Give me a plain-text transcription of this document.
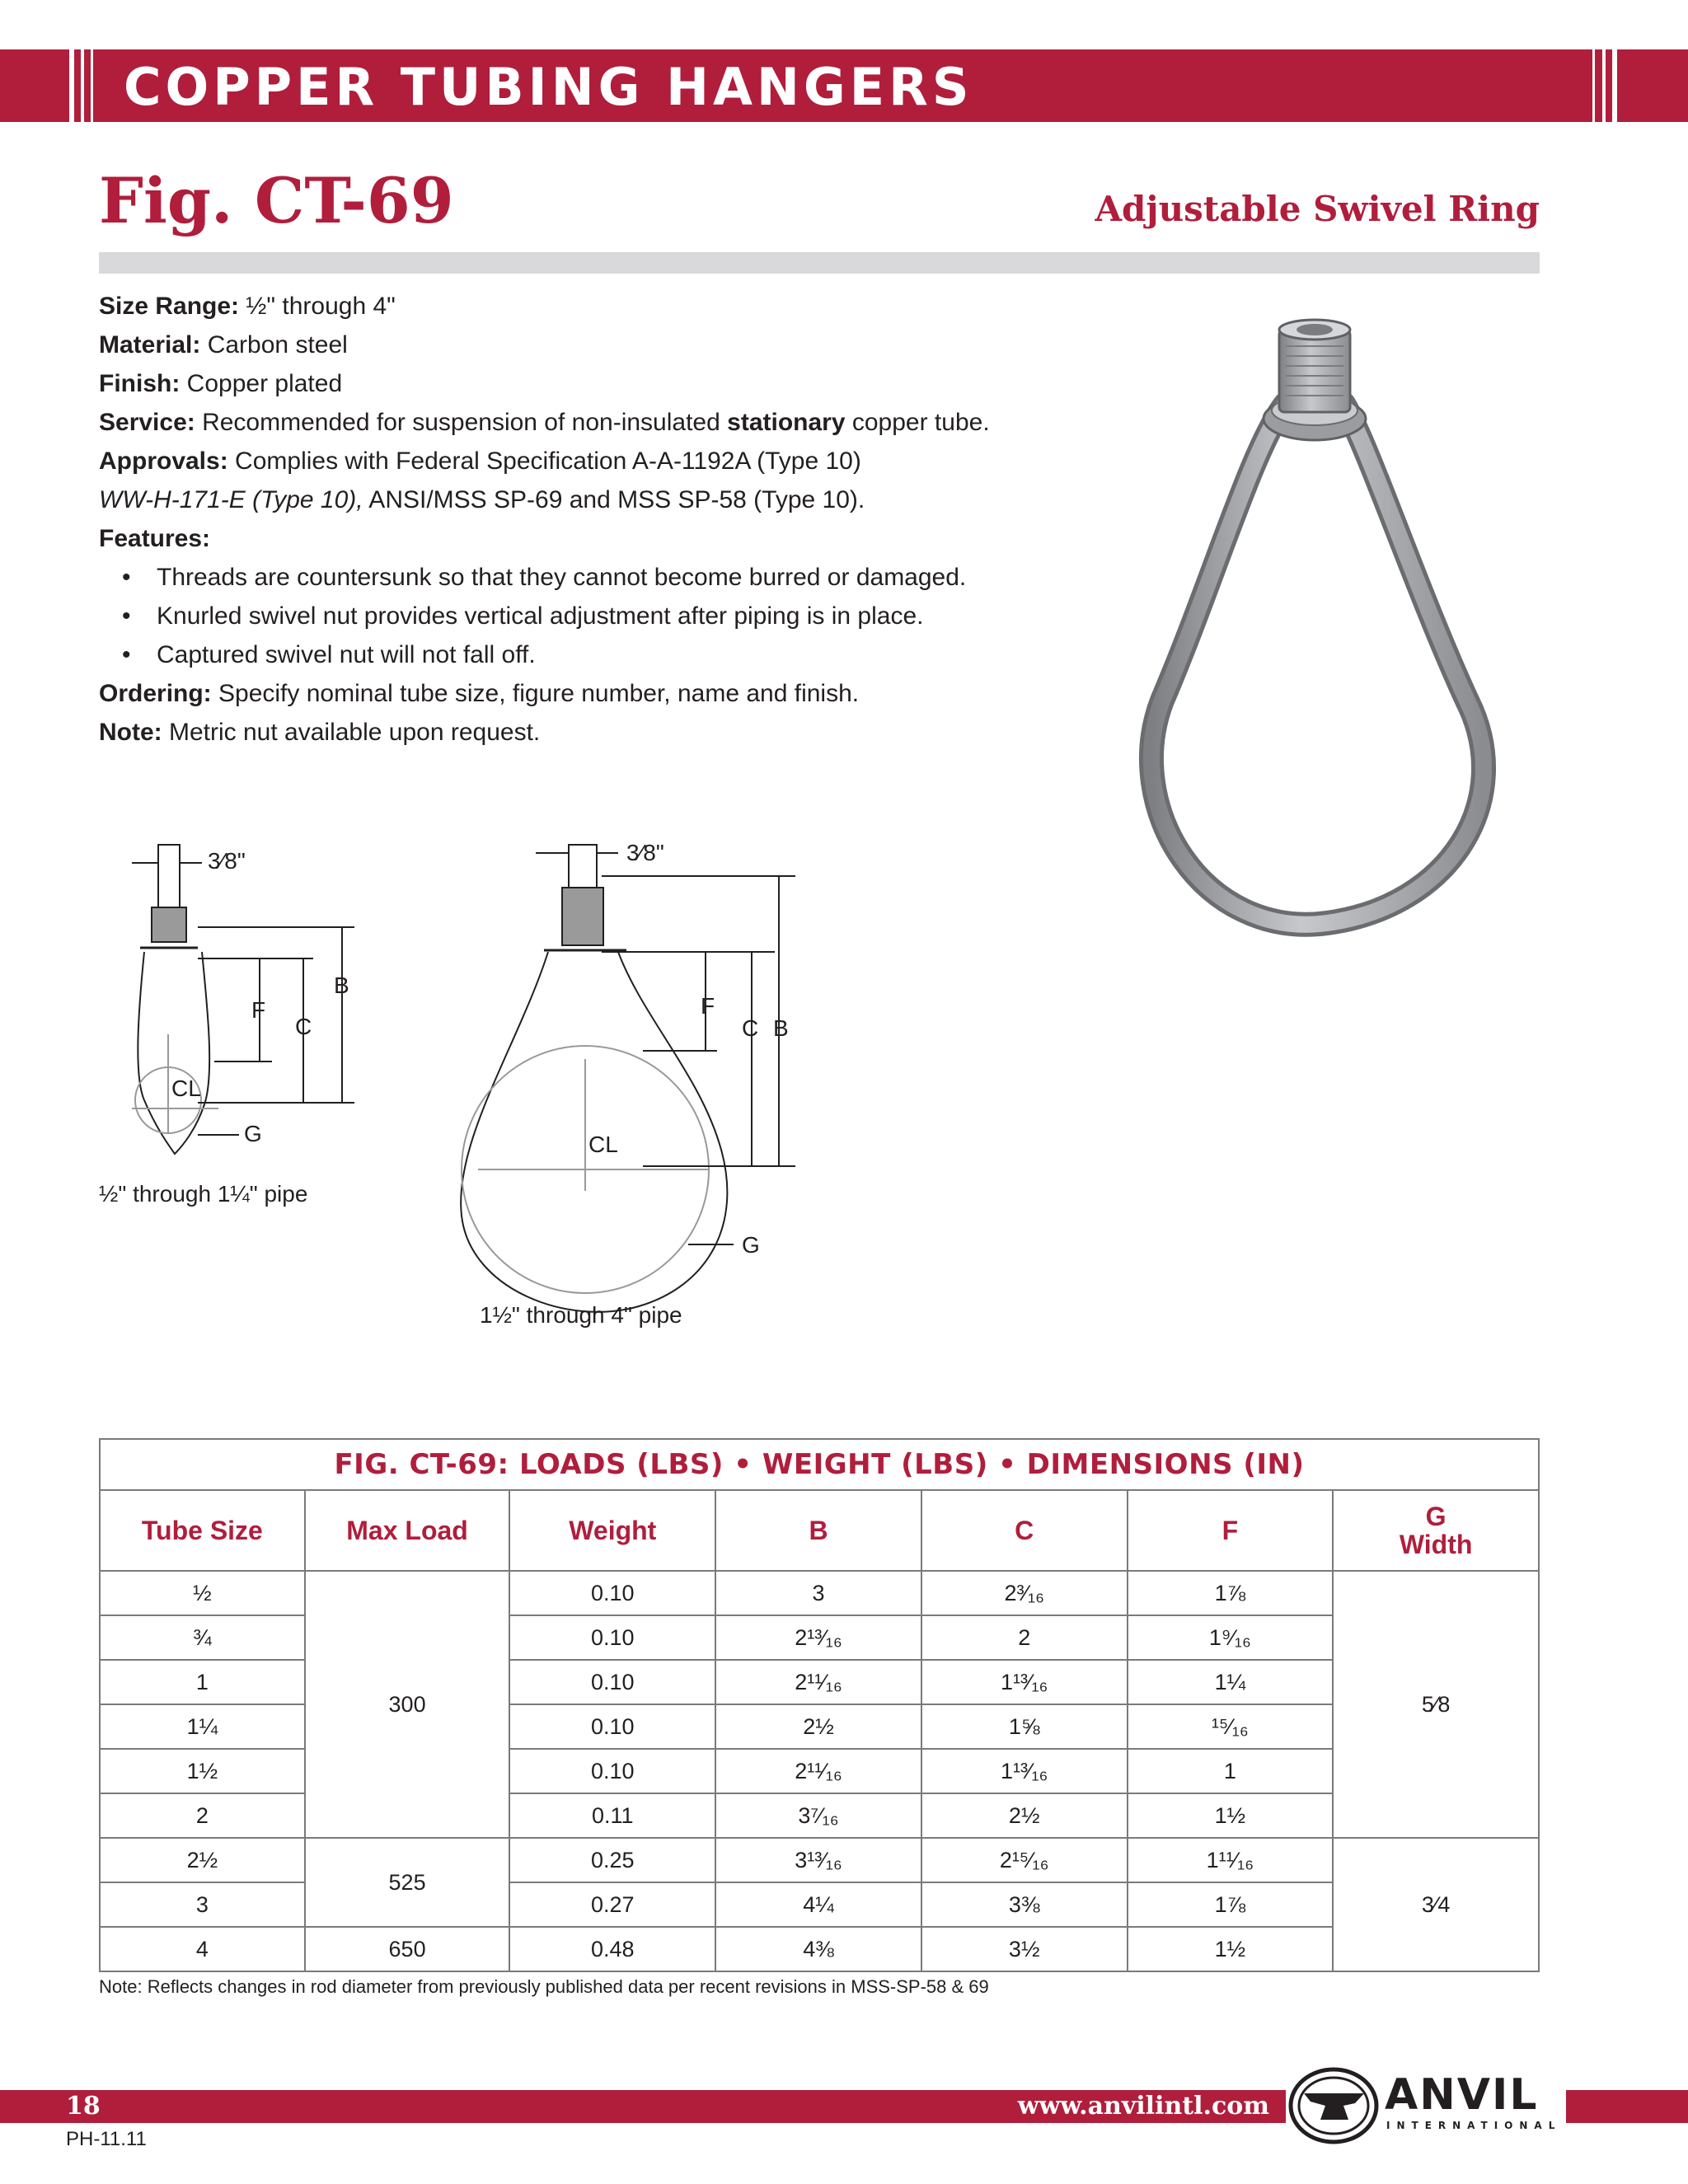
COPPER TUBING HANGERS
Fig. CT-69	Adjustable Swivel Ring
Size Range: ½" through 4"
Material: Carbon steel
Finish: Copper plated
Service: Recommended for suspension of non-insulated stationary copper tube.
Approvals: Complies with Federal Specification A-A-1192A (Type 10)
WW-H-171-E (Type 10), ANSI/MSS SP-69 and MSS SP-58 (Type 10).
Features:
• Threads are countersunk so that they cannot become burred or damaged.
• Knurled swivel nut provides vertical adjustment after piping is in place.
• Captured swivel nut will not fall off.
Ordering: Specify nominal tube size, figure number, name and finish.
Note: Metric nut available upon request.
3⁄8"
B
C
F
G
CL
½" through 1¼" pipe
3⁄8"
B
C
F
G
CL
1½" through 4" pipe
FIG. CT-69: LOADS (LBS) • WEIGHT (LBS) • DIMENSIONS (IN)						
Tube Size	Max Load	Weight	B	C	F	G
Width

½	300	0.10	3	2³⁄₁₆	1⅞	5⁄8
¾		0.10	2¹³⁄₁₆	2	1⁹⁄₁₆	
1		0.10	2¹¹⁄₁₆	1¹³⁄₁₆	1¼	
1¼		0.10	2½	1⅝	¹⁵⁄₁₆	
1½		0.10	2¹¹⁄₁₆	1¹³⁄₁₆	1	
2		0.11	3⁷⁄₁₆	2½	1½	
2½	525	0.25	3¹³⁄₁₆	2¹⁵⁄₁₆	1¹¹⁄₁₆	3⁄4
3		0.27	4¼	3⅜	1⅞	
4	650	0.48	4⅜	3½	1½	
Note: Reflects changes in rod diameter from previously published data per recent revisions in MSS-SP-58 & 69
18	www.anvilintl.com	ANVIL
INTERNATIONAL
PH-11.11
